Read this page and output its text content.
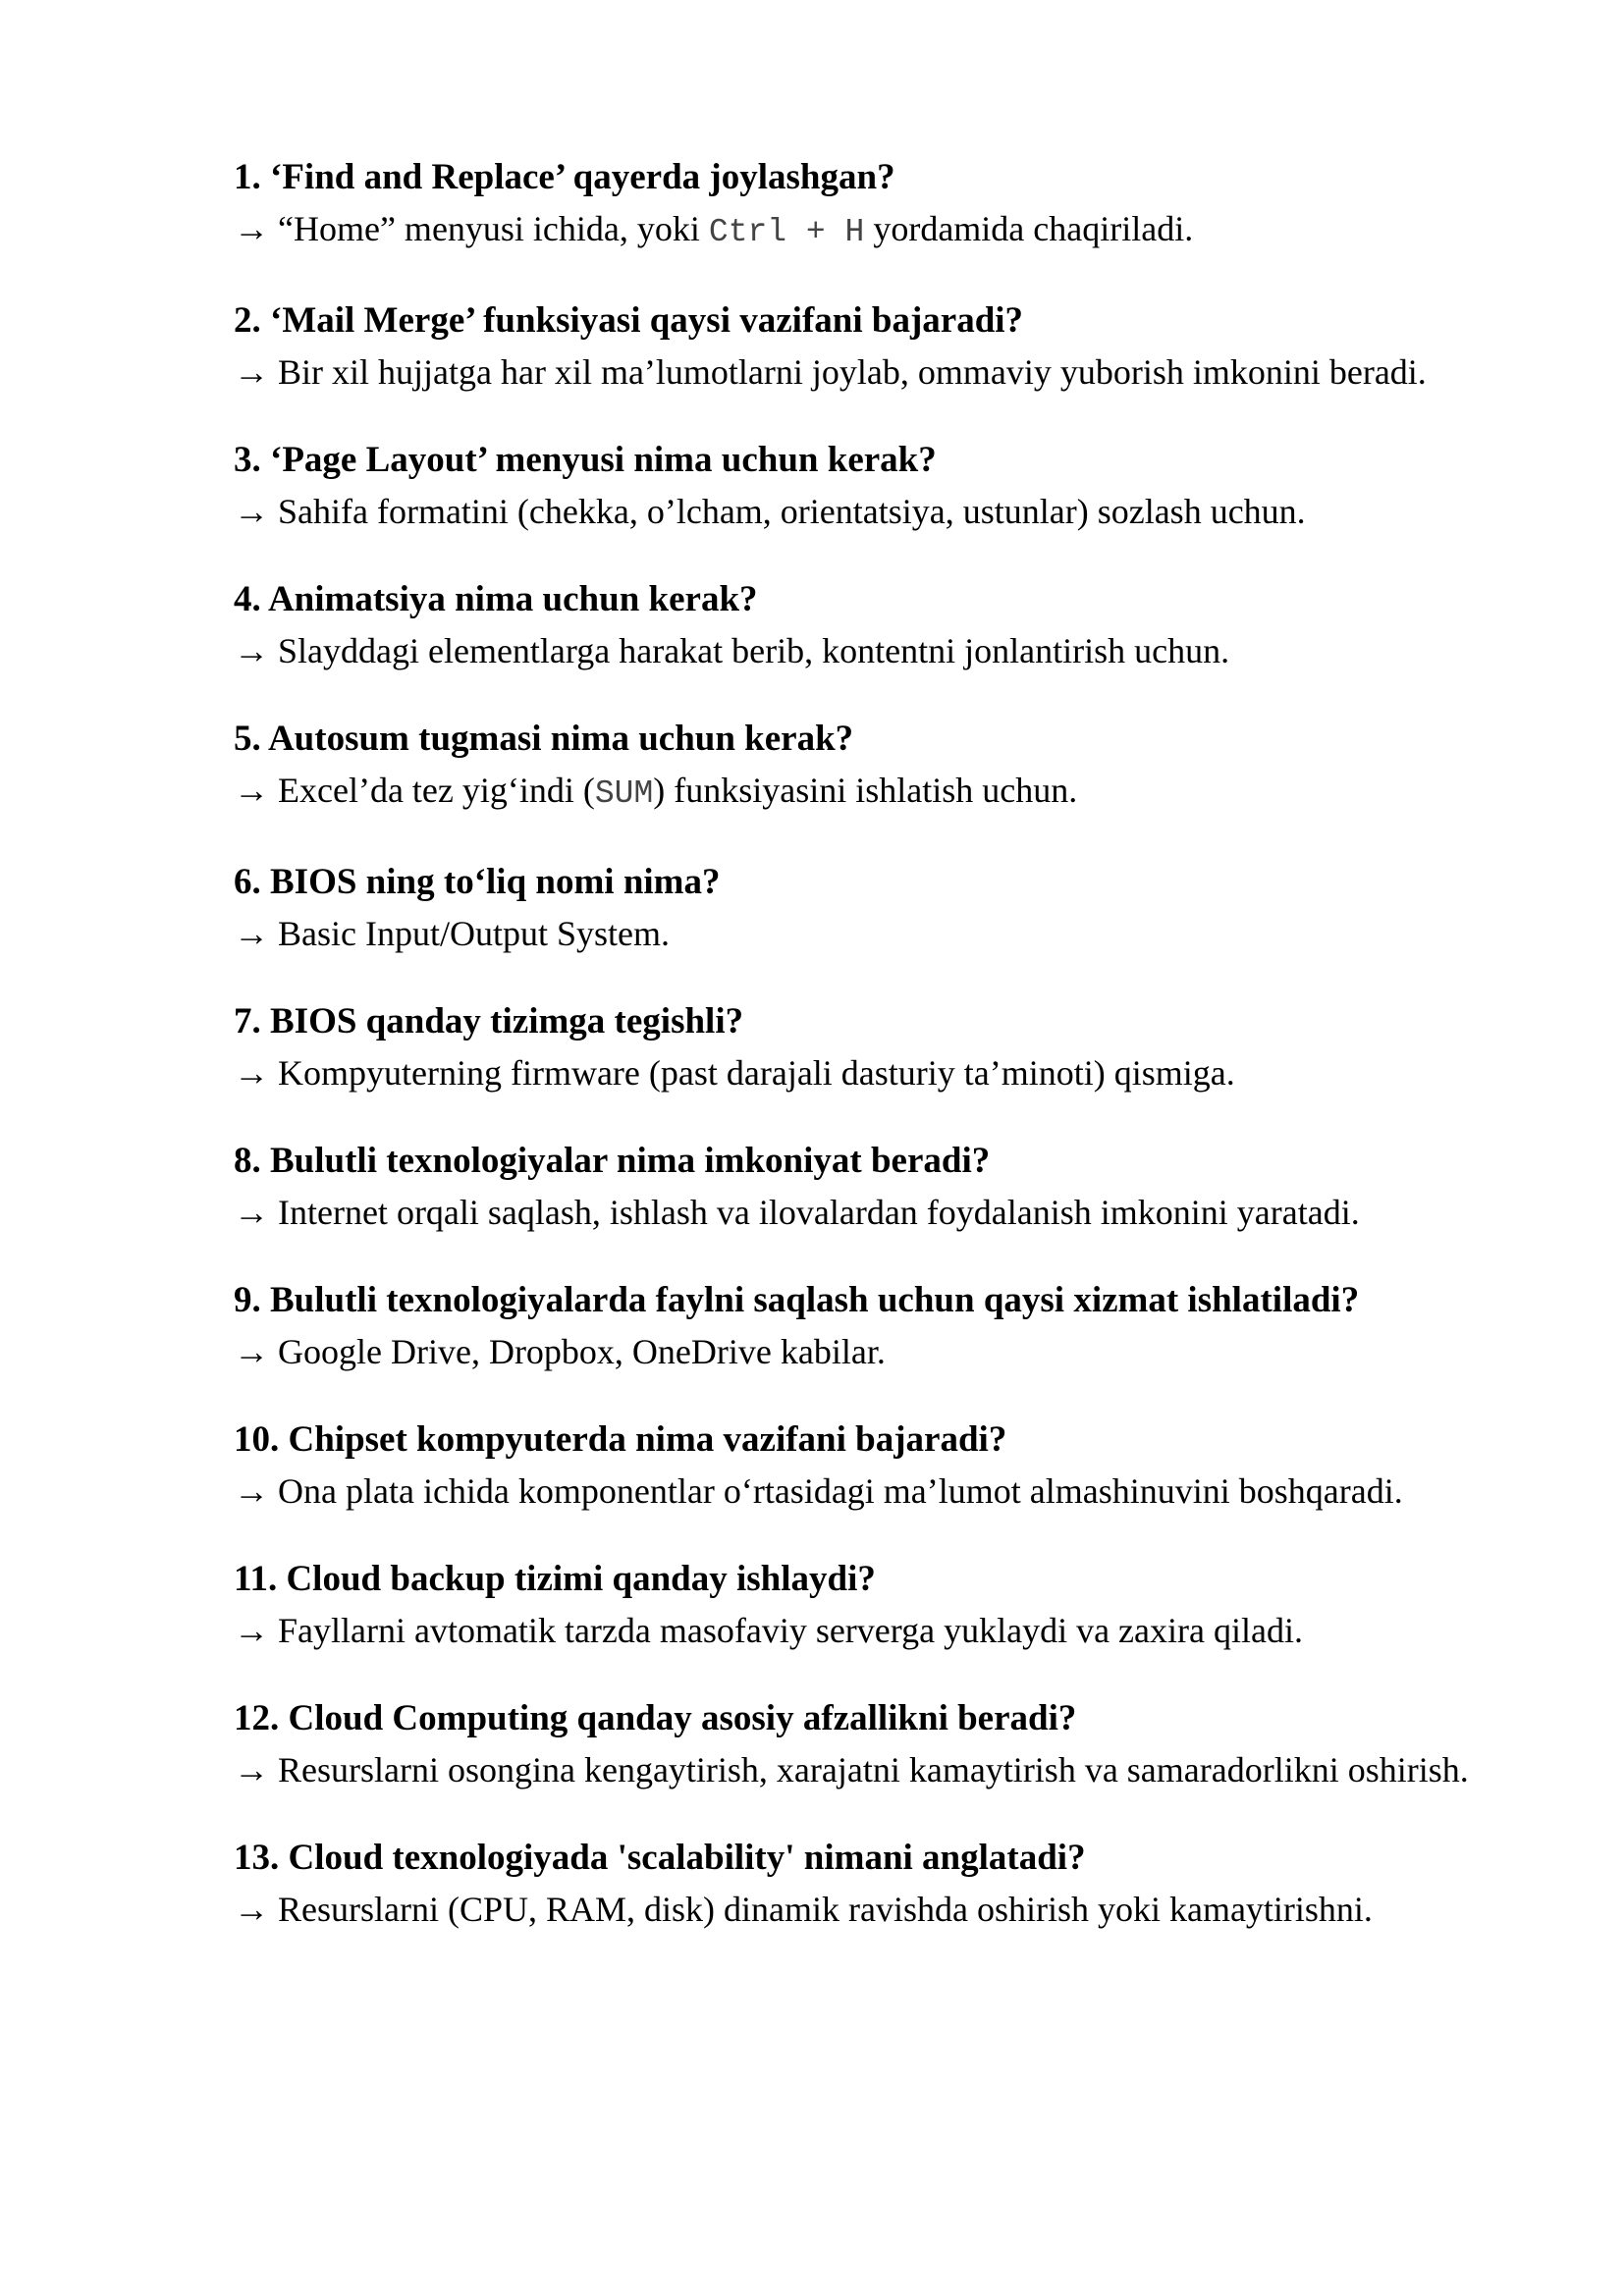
1. ‘Find and Replace’ qayerda joylashgan?

→ “Home” menyusi ichida, yoki Ctrl + H yordamida chaqiriladi.

2. ‘Mail Merge’ funksiyasi qaysi vazifani bajaradi?

→ Bir xil hujjatga har xil ma’lumotlarni joylab, ommaviy yuborish imkonini beradi.

3. ‘Page Layout’ menyusi nima uchun kerak?

→ Sahifa formatini (chekka, o’lcham, orientatsiya, ustunlar) sozlash uchun.

4. Animatsiya nima uchun kerak?

→ Slayddagi elementlarga harakat berib, kontentni jonlantirish uchun.

5. Autosum tugmasi nima uchun kerak?

→ Excel’da tez yig‘indi (SUM) funksiyasini ishlatish uchun.

6. BIOS ning to‘liq nomi nima?

→ Basic Input/Output System.

7. BIOS qanday tizimga tegishli?

→ Kompyuterning firmware (past darajali dasturiy ta’minoti) qismiga.

8. Bulutli texnologiyalar nima imkoniyat beradi?

→ Internet orqali saqlash, ishlash va ilovalardan foydalanish imkonini yaratadi.

9. Bulutli texnologiyalarda faylni saqlash uchun qaysi xizmat ishlatiladi?

→ Google Drive, Dropbox, OneDrive kabilar.

10. Chipset kompyuterda nima vazifani bajaradi?

→ Ona plata ichida komponentlar o‘rtasidagi ma’lumot almashinuvini boshqaradi.

11. Cloud backup tizimi qanday ishlaydi?

→ Fayllarni avtomatik tarzda masofaviy serverga yuklaydi va zaxira qiladi.

12. Cloud Computing qanday asosiy afzallikni beradi?

→ Resurslarni osongina kengaytirish, xarajatni kamaytirish va samaradorlikni oshirish.

13. Cloud texnologiyada 'scalability' nimani anglatadi?

→ Resurslarni (CPU, RAM, disk) dinamik ravishda oshirish yoki kamaytirishni.
